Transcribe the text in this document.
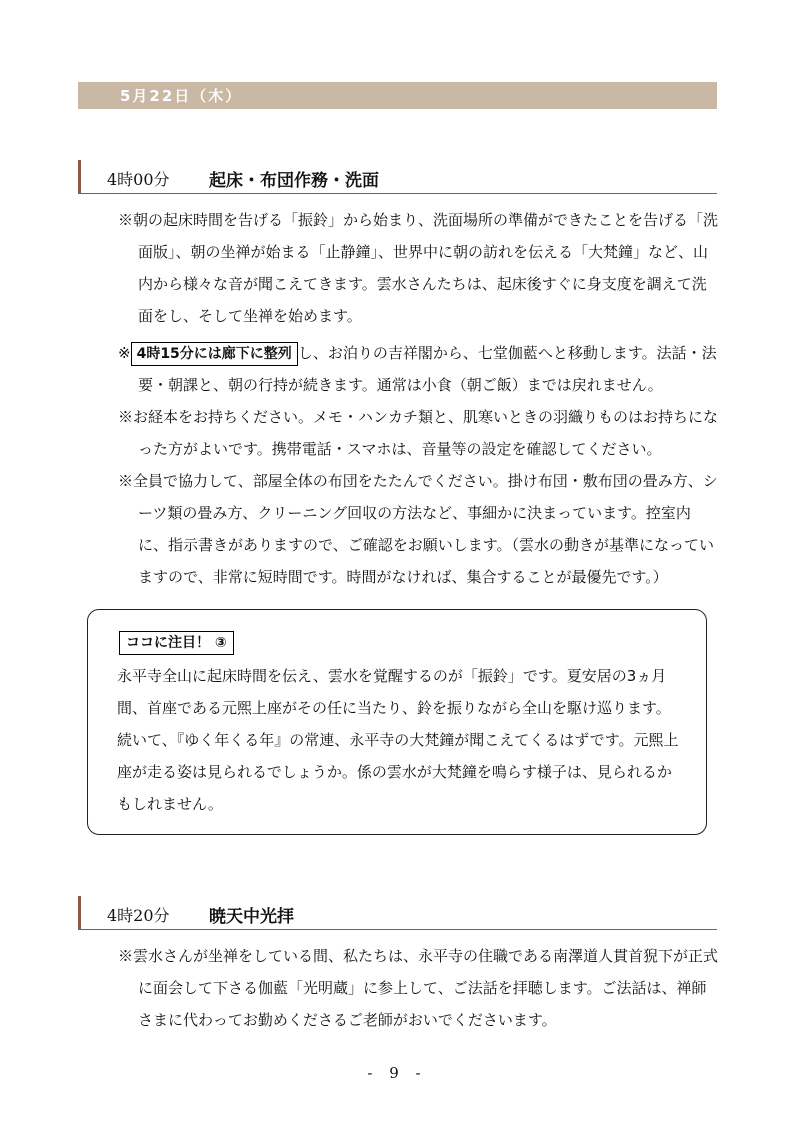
5月22日（木）
4時00分 起床・布団作務・洗面
※朝の起床時間を告げる「振鈴」から始まり、洗面場所の準備ができたことを告げる「洗面版」、朝の坐禅が始まる「止静鐘」、世界中に朝の訪れを伝える「大梵鐘」など、山内から様々な音が聞こえてきます。雲水さんたちは、起床後すぐに身支度を調えて洗面をし、そして坐禅を始めます。
※ 4時15分には廊下に整列 し、お泊りの吉祥閣から、七堂伽藍へと移動します。法話・法要・朝課と、朝の行持が続きます。通常は小食（朝ご飯）までは戻れません。
※お経本をお持ちください。メモ・ハンカチ類と、肌寒いときの羽織りものはお持ちになった方がよいです。携帯電話・スマホは、音量等の設定を確認してください。
※全員で協力して、部屋全体の布団をたたんでください。掛け布団・敷布団の畳み方、シーツ類の畳み方、クリーニング回収の方法など、事細かに決まっています。控室内に、指示書きがありますので、ご確認をお願いします。（雲水の動きが基準になっていますので、非常に短時間です。時間がなければ、集合することが最優先です。）
ココに注目！ ③
永平寺全山に起床時間を伝え、雲水を覚醒するのが「振鈴」です。夏安居の3ヵ月間、首座である元煕上座がその任に当たり、鈴を振りながら全山を駆け巡ります。続いて、『ゆく年くる年』の常連、永平寺の大梵鐘が聞こえてくるはずです。元煕上座が走る姿は見られるでしょうか。係の雲水が大梵鐘を鳴らす様子は、見られるかもしれません。
4時20分 暁天中光拝
※雲水さんが坐禅をしている間、私たちは、永平寺の住職である南澤道人貫首猊下が正式に面会して下さる伽藍「光明蔵」に参上して、ご法話を拝聴します。ご法話は、禅師さまに代わってお勤めくださるご老師がおいでくださいます。
- 9 -
